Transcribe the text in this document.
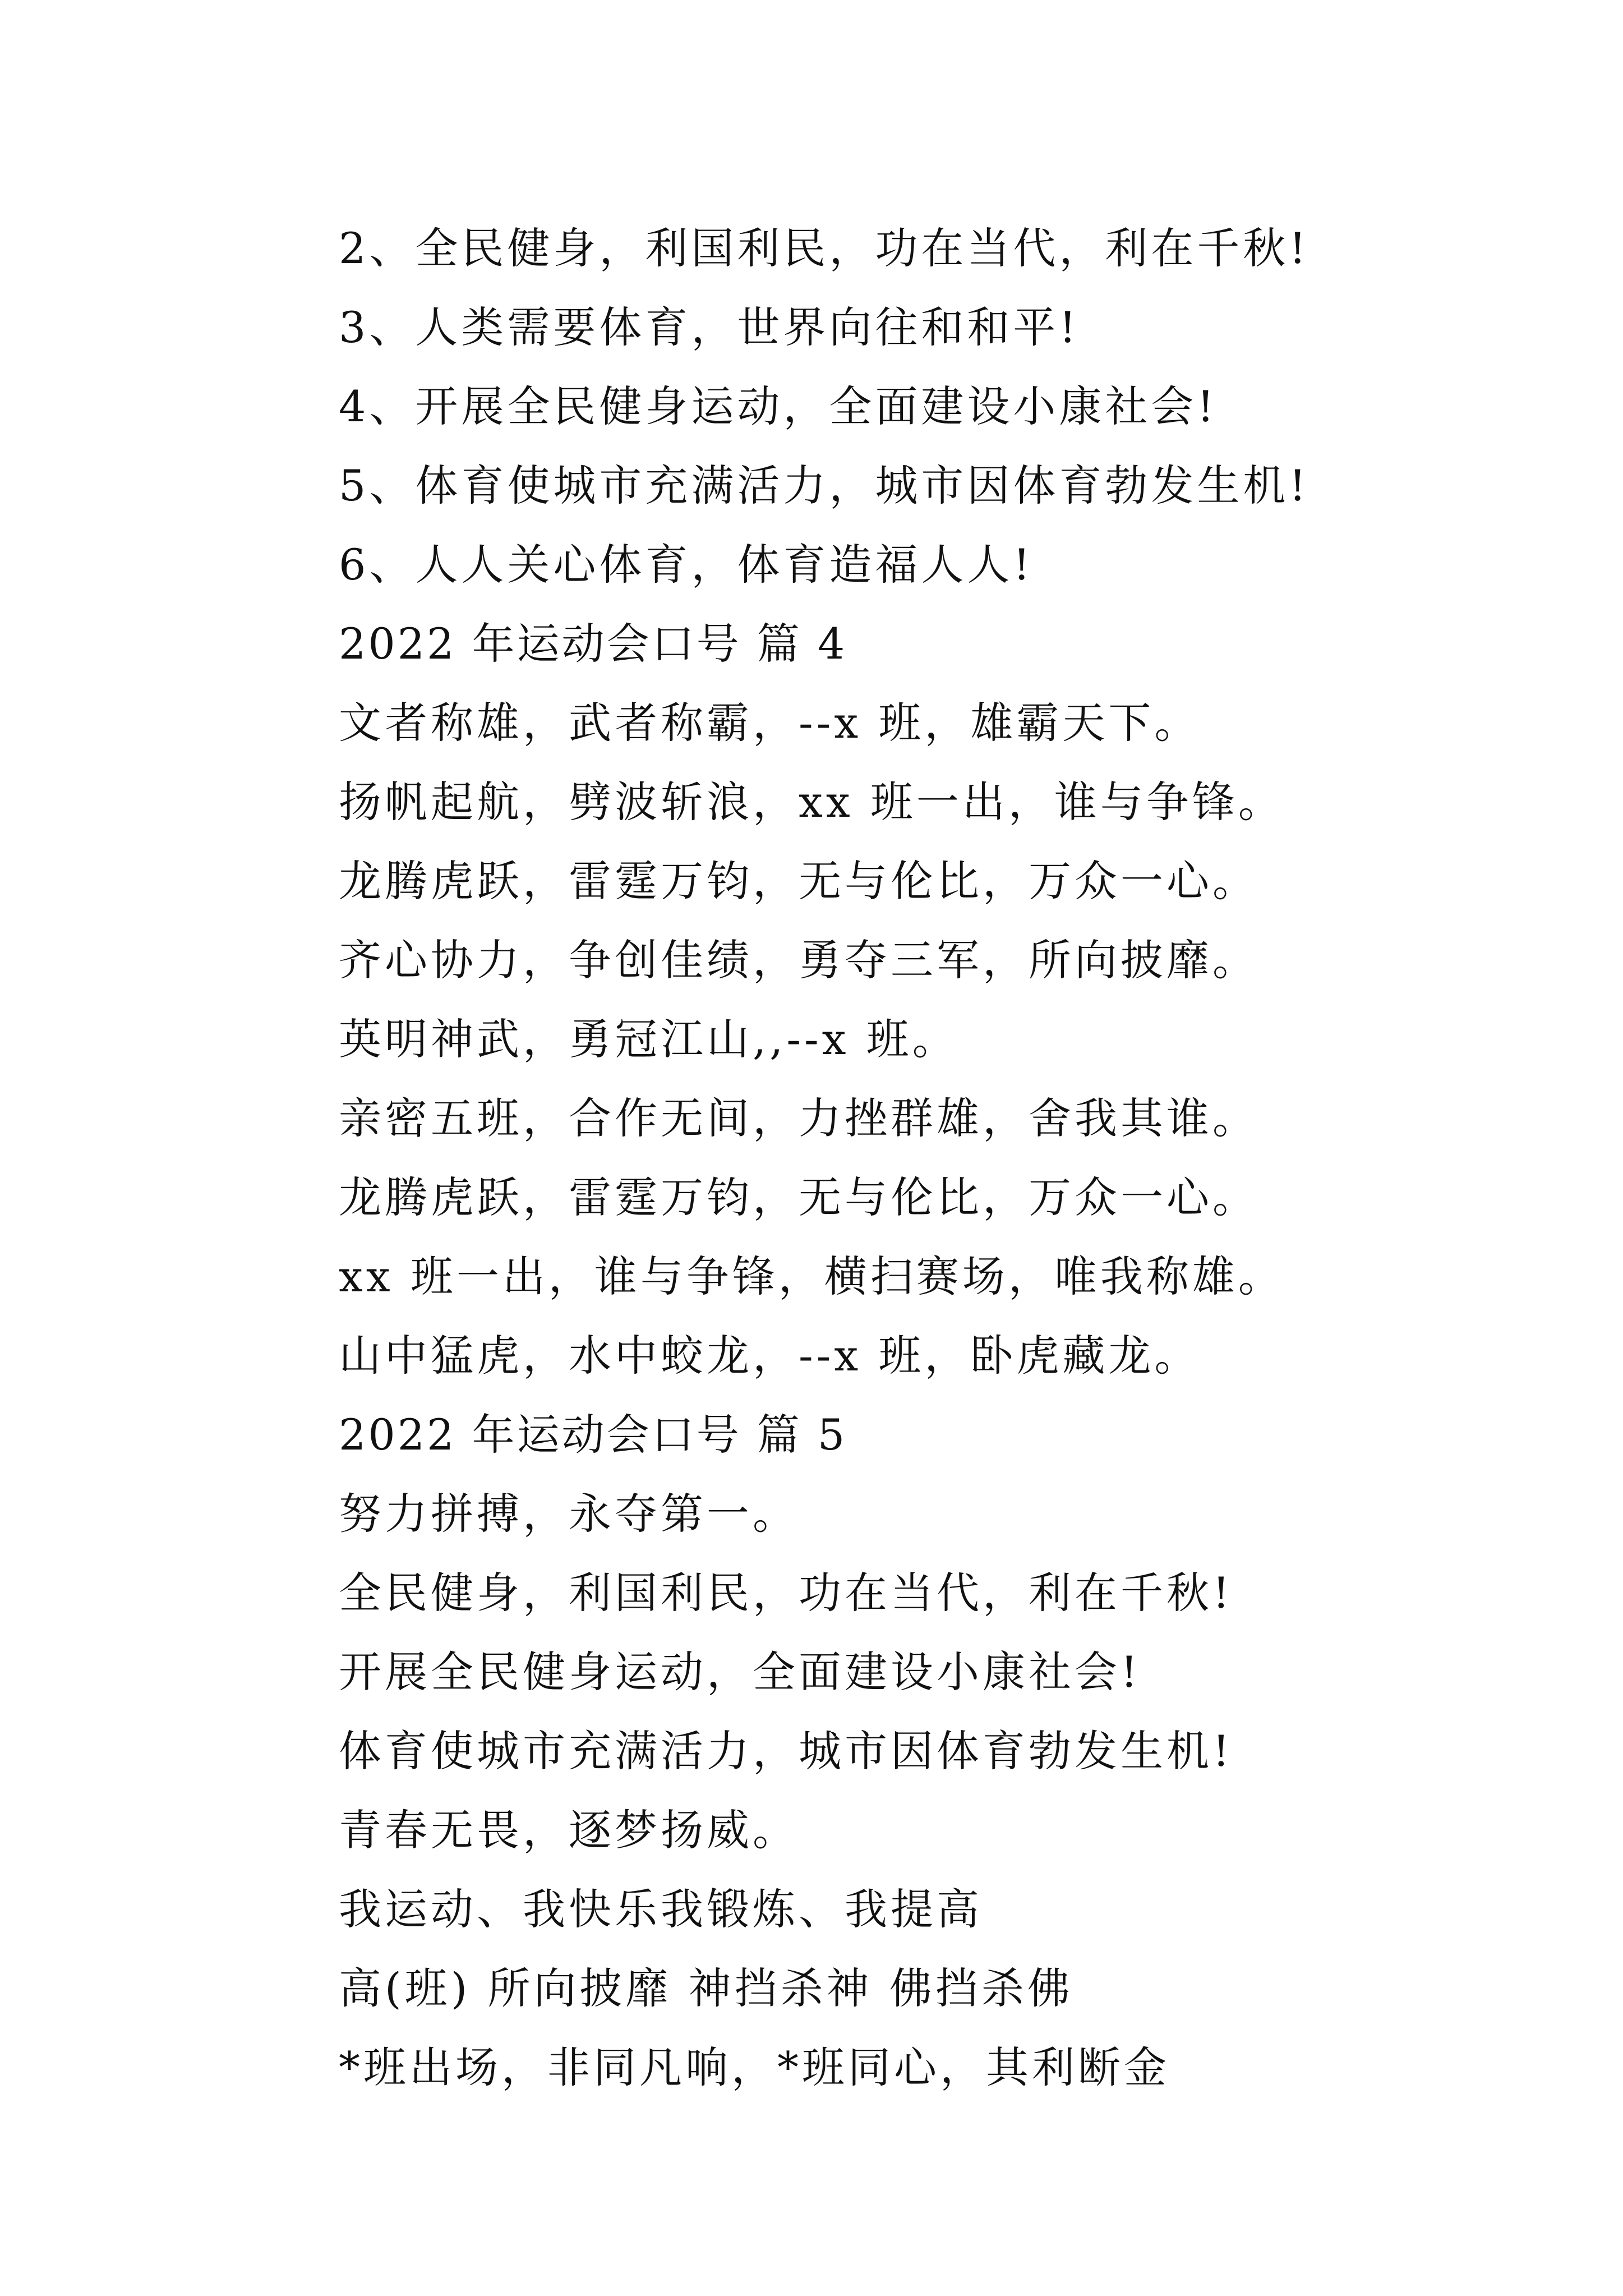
2、全民健身，利国利民，功在当代，利在千秋!
3、人类需要体育，世界向往和和平!
4、开展全民健身运动，全面建设小康社会!
5、体育使城市充满活力，城市因体育勃发生机!
6、人人关心体育，体育造福人人!
2022 年运动会口号 篇 4
文者称雄，武者称霸，--x 班，雄霸天下。
扬帆起航，劈波斩浪，xx 班一出，谁与争锋。
龙腾虎跃，雷霆万钧，无与伦比，万众一心。
齐心协力，争创佳绩，勇夺三军，所向披靡。
英明神武，勇冠江山,,--x 班。
亲密五班，合作无间，力挫群雄，舍我其谁。
龙腾虎跃，雷霆万钧，无与伦比，万众一心。
xx 班一出，谁与争锋，横扫赛场，唯我称雄。
山中猛虎，水中蛟龙，--x 班，卧虎藏龙。
2022 年运动会口号 篇 5
努力拼搏，永夺第一。
全民健身，利国利民，功在当代，利在千秋!
开展全民健身运动，全面建设小康社会!
体育使城市充满活力，城市因体育勃发生机!
青春无畏，逐梦扬威。
我运动、我快乐我锻炼、我提高
高(班) 所向披靡 神挡杀神 佛挡杀佛
*班出场，非同凡响，*班同心，其利断金
